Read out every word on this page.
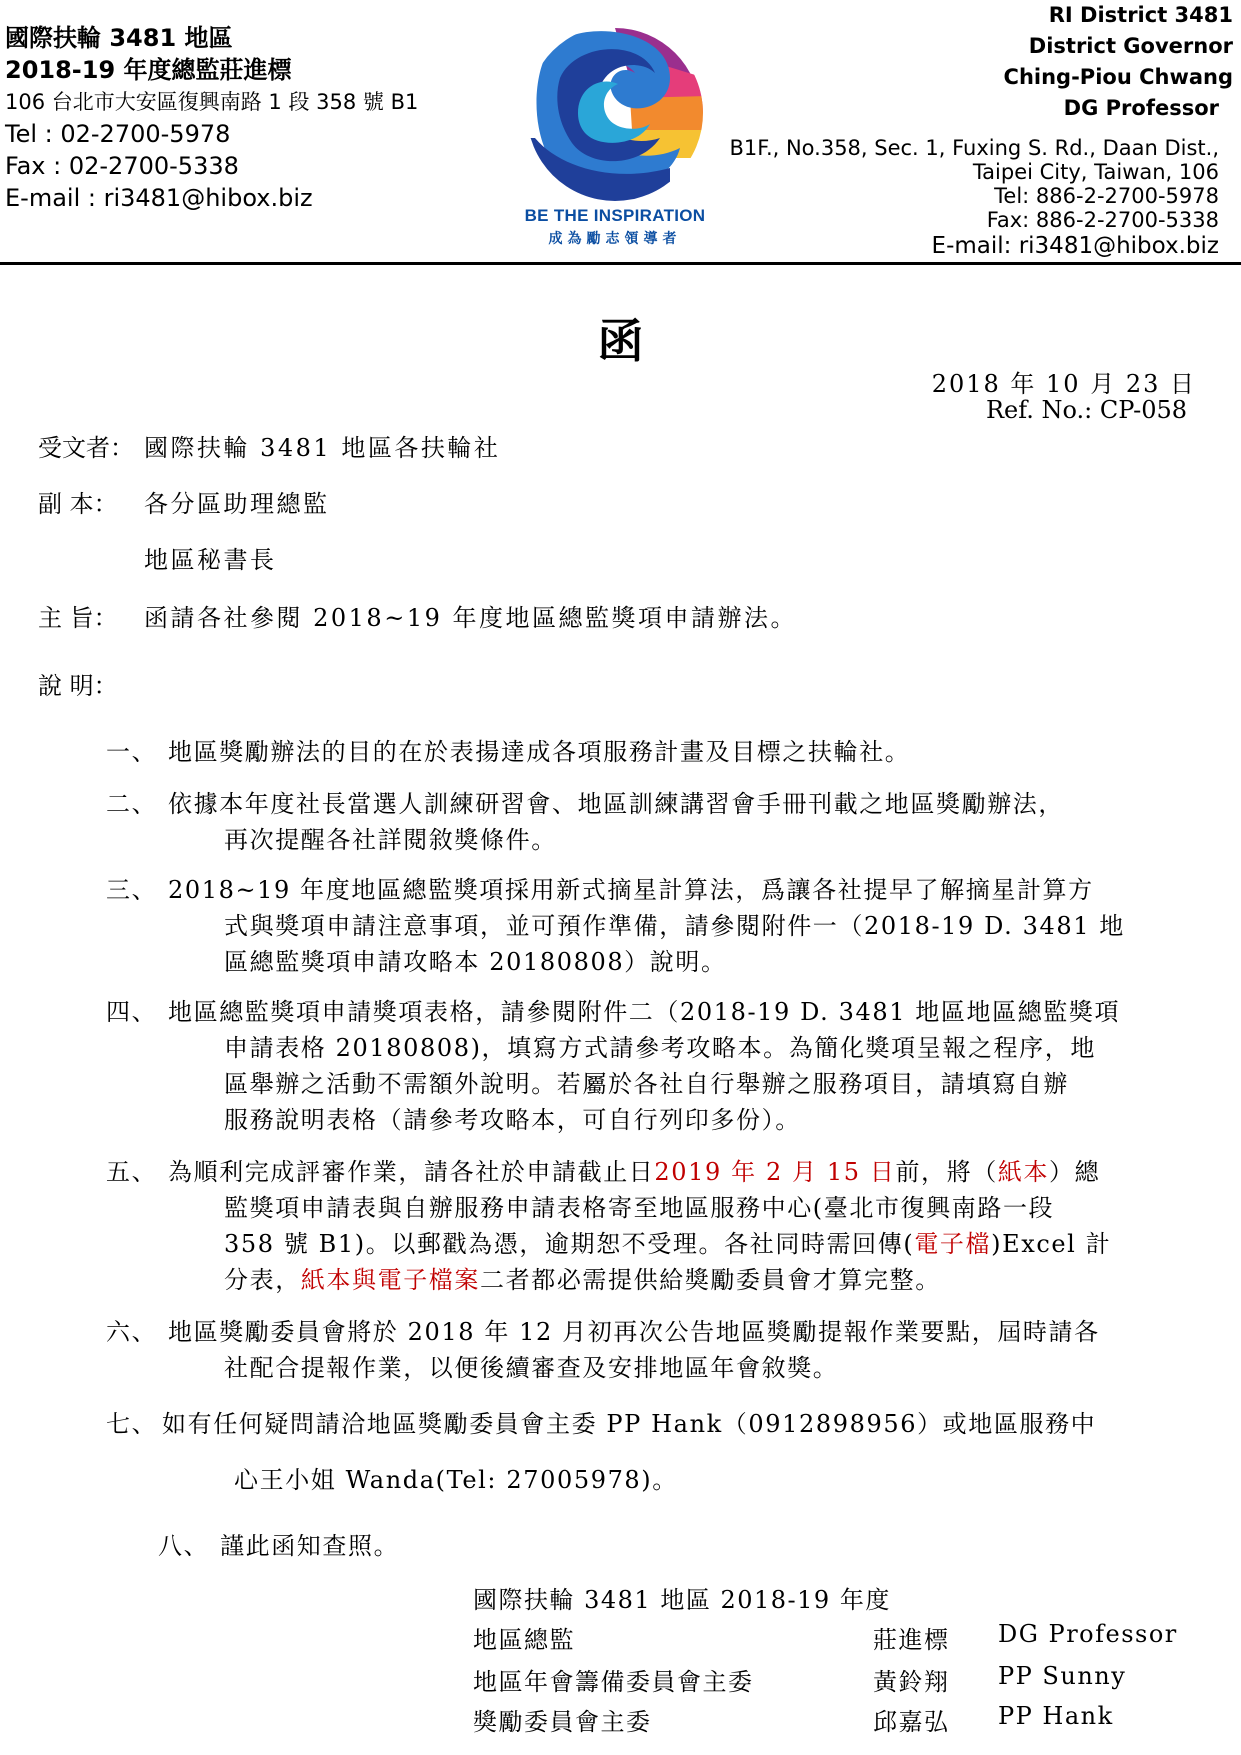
國際扶輪 3481 地區
2018-19 年度總監莊進標
106 台北市大安區復興南路 1 段 358 號 B1
Tel : 02-2700-5978
Fax : 02-2700-5338
E-mail : ri3481@hibox.biz
BE THE INSPIRATION
成為勵志領導者
RI District 3481
District Governor
Ching-Piou Chwang
DG Professor
B1F., No.358, Sec. 1, Fuxing S. Rd., Daan Dist.,
Taipei City, Taiwan, 106
Tel: 886-2-2700-5978
Fax: 886-2-2700-5338
E-mail: ri3481@hibox.biz
函
2018 年 10 月 23 日
Ref. No.: CP-058
受文者： 國際扶輪 3481 地區各扶輪社
副 本： 各分區助理總監
地區秘書長
主 旨： 函請各社參閱 2018~19 年度地區總監獎項申請辦法。
說 明：
一、 地區獎勵辦法的目的在於表揚達成各項服務計畫及目標之扶輪社。
二、 依據本年度社長當選人訓練研習會、地區訓練講習會手冊刊載之地區獎勵辦法，
再次提醒各社詳閱敘獎條件。
三、 2018~19 年度地區總監獎項採用新式摘星計算法，爲讓各社提早了解摘星計算方
式與獎項申請注意事項，並可預作準備，請參閱附件一（2018-19 D. 3481 地
區總監獎項申請攻略本 20180808）說明。
四、 地區總監獎項申請獎項表格，請參閱附件二（2018-19 D. 3481 地區地區總監獎項
申請表格 20180808)，填寫方式請參考攻略本。為簡化獎項呈報之程序，地
區舉辦之活動不需額外說明。若屬於各社自行舉辦之服務項目，請填寫自辦
服務說明表格（請參考攻略本，可自行列印多份）。
五、 為順利完成評審作業，請各社於申請截止日2019 年 2 月 15 日前，將（紙本）總
監獎項申請表與自辦服務申請表格寄至地區服務中心(臺北市復興南路一段
358 號 B1)。以郵戳為憑，逾期恕不受理。各社同時需回傳(電子檔)Excel 計
分表，紙本與電子檔案二者都必需提供給獎勵委員會才算完整。
六、 地區獎勵委員會將於 2018 年 12 月初再次公告地區獎勵提報作業要點，屆時請各
社配合提報作業，以便後續審查及安排地區年會敘獎。
七、 如有任何疑問請洽地區獎勵委員會主委 PP Hank（0912898956）或地區服務中
心王小姐 Wanda(Tel: 27005978)。
八、 謹此函知查照。
國際扶輪 3481 地區 2018-19 年度
地區總監	莊進標 DG Professor
地區年會籌備委員會主委	黃鈴翔 PP Sunny
獎勵委員會主委	邱嘉弘 PP Hank
